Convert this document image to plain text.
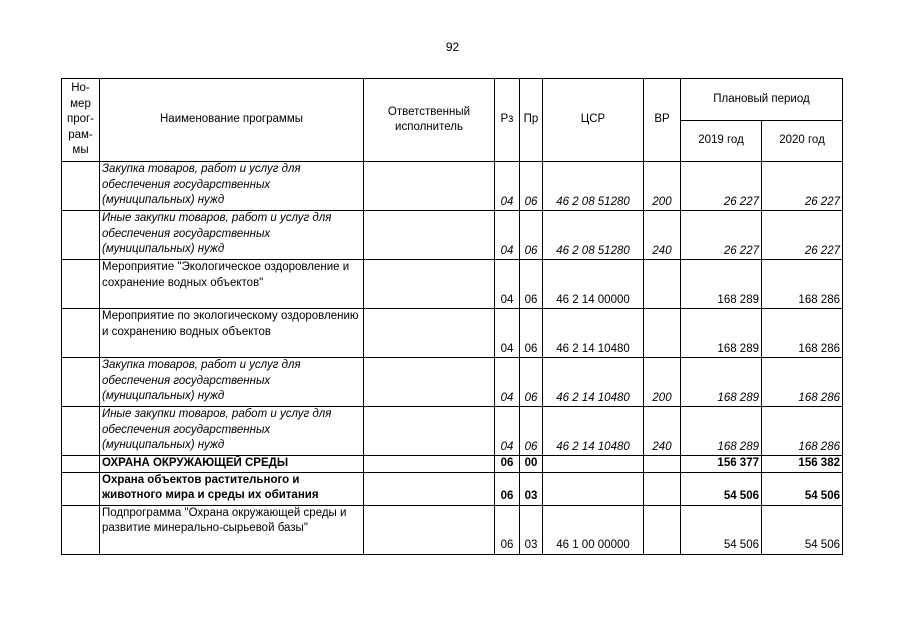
92
Но-
мер
прог-
рам-
мы	Наименование программы	Ответственный
исполнитель	Рз	Пр	ЦСР	ВР	Плановый период	
							2019 год	2020 год
	Закупка товаров, работ и услуг для обеспечения государственных (муниципальных) нужд		04	06	46 2 08 51280	200	26 227	26 227
	Иные закупки товаров, работ и услуг для обеспечения государственных (муниципальных) нужд		04	06	46 2 08 51280	240	26 227	26 227
	Мероприятие "Экологическое оздоровление и сохранение водных объектов"		04	06	46 2 14 00000		168 289	168 286
	Мероприятие по экологическому оздоровлению и сохранению водных объектов		04	06	46 2 14 10480		168 289	168 286
	Закупка товаров, работ и услуг для обеспечения государственных (муниципальных) нужд		04	06	46 2 14 10480	200	168 289	168 286
	Иные закупки товаров, работ и услуг для обеспечения государственных (муниципальных) нужд		04	06	46 2 14 10480	240	168 289	168 286
	ОХРАНА ОКРУЖАЮЩЕЙ СРЕДЫ		06	00			156 377	156 382
	Охрана объектов растительного и животного мира и среды их обитания		06	03			54 506	54 506
	Подпрограмма "Охрана окружающей среды и развитие минерально-сырьевой базы"		06	03	46 1 00 00000		54 506	54 506
